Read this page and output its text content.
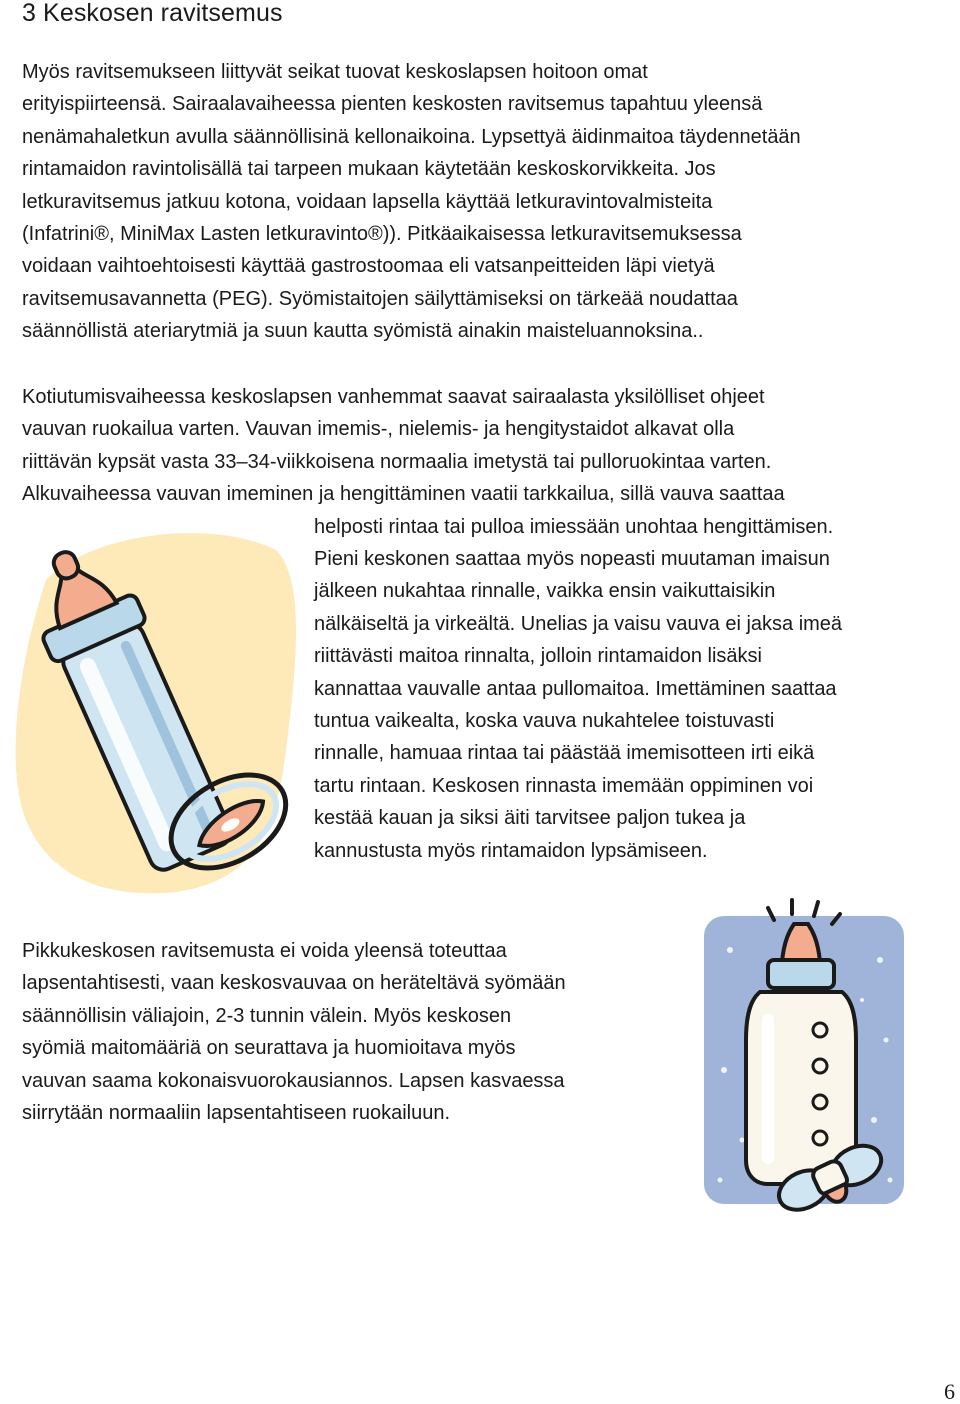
3 Keskosen ravitsemus
Myös ravitsemukseen liittyvät seikat tuovat keskoslapsen hoitoon omat
erityispiirteensä. Sairaalavaiheessa pienten keskosten ravitsemus tapahtuu yleensä
nenämahaletkun avulla säännöllisinä kellonaikoina. Lypsettyä äidinmaitoa täydennetään
rintamaidon ravintolisällä tai tarpeen mukaan käytetään keskoskorvikkeita. Jos
letkuravitsemus jatkuu kotona, voidaan lapsella käyttää letkuravintovalmisteita
(Infatrini®, MiniMax Lasten letkuravinto®)). Pitkäaikaisessa letkuravitsemuksessa
voidaan vaihtoehtoisesti käyttää gastrostoomaa eli vatsanpeitteiden läpi vietyä
ravitsemusavannetta (PEG). Syömistaitojen säilyttämiseksi on tärkeää noudattaa
säännöllistä ateriarytmiä ja suun kautta syömistä ainakin maisteluannoksina..
Kotiutumisvaiheessa keskoslapsen vanhemmat saavat sairaalasta yksilölliset ohjeet
vauvan ruokailua varten. Vauvan imemis-, nielemis- ja hengitystaidot alkavat olla
riittävän kypsät vasta 33–34-viikkoisena normaalia imetystä tai pulloruokintaa varten.
Alkuvaiheessa vauvan imeminen ja hengittäminen vaatii tarkkailua, sillä vauva saattaa
helposti rintaa tai pulloa imiessään unohtaa hengittämisen.
Pieni keskonen saattaa myös nopeasti muutaman imaisun
jälkeen nukahtaa rinnalle, vaikka ensin vaikuttaisikin
nälkäiseltä ja virkeältä. Unelias ja vaisu vauva ei jaksa imeä
riittävästi maitoa rinnalta, jolloin rintamaidon lisäksi
kannattaa vauvalle antaa pullomaitoa. Imettäminen saattaa
tuntua vaikealta, koska vauva nukahtelee toistuvasti
rinnalle, hamuaa rintaa tai päästää imemisotteen irti eikä
tartu rintaan. Keskosen rinnasta imemään oppiminen voi
kestää kauan ja siksi äiti tarvitsee paljon tukea ja
kannustusta myös rintamaidon lypsämiseen.
Pikkukeskosen ravitsemusta ei voida yleensä toteuttaa
lapsentahtisesti, vaan keskosvauvaa on heräteltävä syömään
säännöllisin väliajoin, 2-3 tunnin välein. Myös keskosen
syömiä maitomääriä on seurattava ja huomioitava myös
vauvan saama kokonaisvuorokausiannos. Lapsen kasvaessa
siirrytään normaaliin lapsentahtiseen ruokailuun.
6
